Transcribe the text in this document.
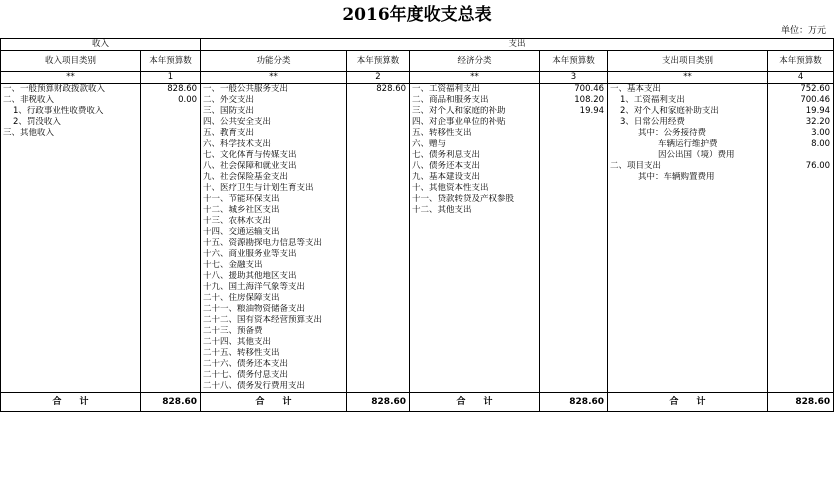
2016年度收支总表
单位：万元
收入		支出					
收入项目类别	本年预算数	功能分类	本年预算数	经济分类	本年预算数	支出项目类别	本年预算数
**	1	**	2	**	3	**	4
一、一般预算财政拨款收入	828.60	一、一般公共服务支出	828.60	一、工资福利支出	700.46	一、基本支出	752.60
二、非税收入	0.00	二、外交支出		二、商品和服务支出	108.20	1、工资福利支出	700.46
1、行政事业性收费收入		三、国防支出		三、对个人和家庭的补助	19.94	2、对个人和家庭补助支出	19.94
2、罚没收入		四、公共安全支出		四、对企事业单位的补贴		3、日常公用经费	32.20
三、其他收入		五、教育支出		五、转移性支出		其中：公务接待费	3.00
		六、科学技术支出		六、赠与		车辆运行维护费	8.00
		七、文化体育与传媒支出		七、债务利息支出		因公出国（境）费用	
		八、社会保障和就业支出		八、债务还本支出		二、项目支出	76.00
		九、社会保险基金支出		九、基本建设支出		其中：车辆购置费用	
		十、医疗卫生与计划生育支出		十、其他资本性支出			
		十一、节能环保支出		十一、贷款转贷及产权参股			
		十二、城乡社区支出		十二、其他支出			
		十三、农林水支出					
		十四、交通运输支出					
		十五、资源勘探电力信息等支出					
		十六、商业服务业等支出					
		十七、金融支出					
		十八、援助其他地区支出					
		十九、国土海洋气象等支出					
		二十、住房保障支出					
		二十一、粮油物资储备支出					
		二十二、国有资本经营预算支出					
		二十三、预备费					
		二十四、其他支出					
		二十五、转移性支出					
		二十六、债务还本支出					
		二十七、债务付息支出					
		二十八、债务发行费用支出					
合　　计	828.60	合　　计	828.60	合　　计	828.60	合　　计	828.60
